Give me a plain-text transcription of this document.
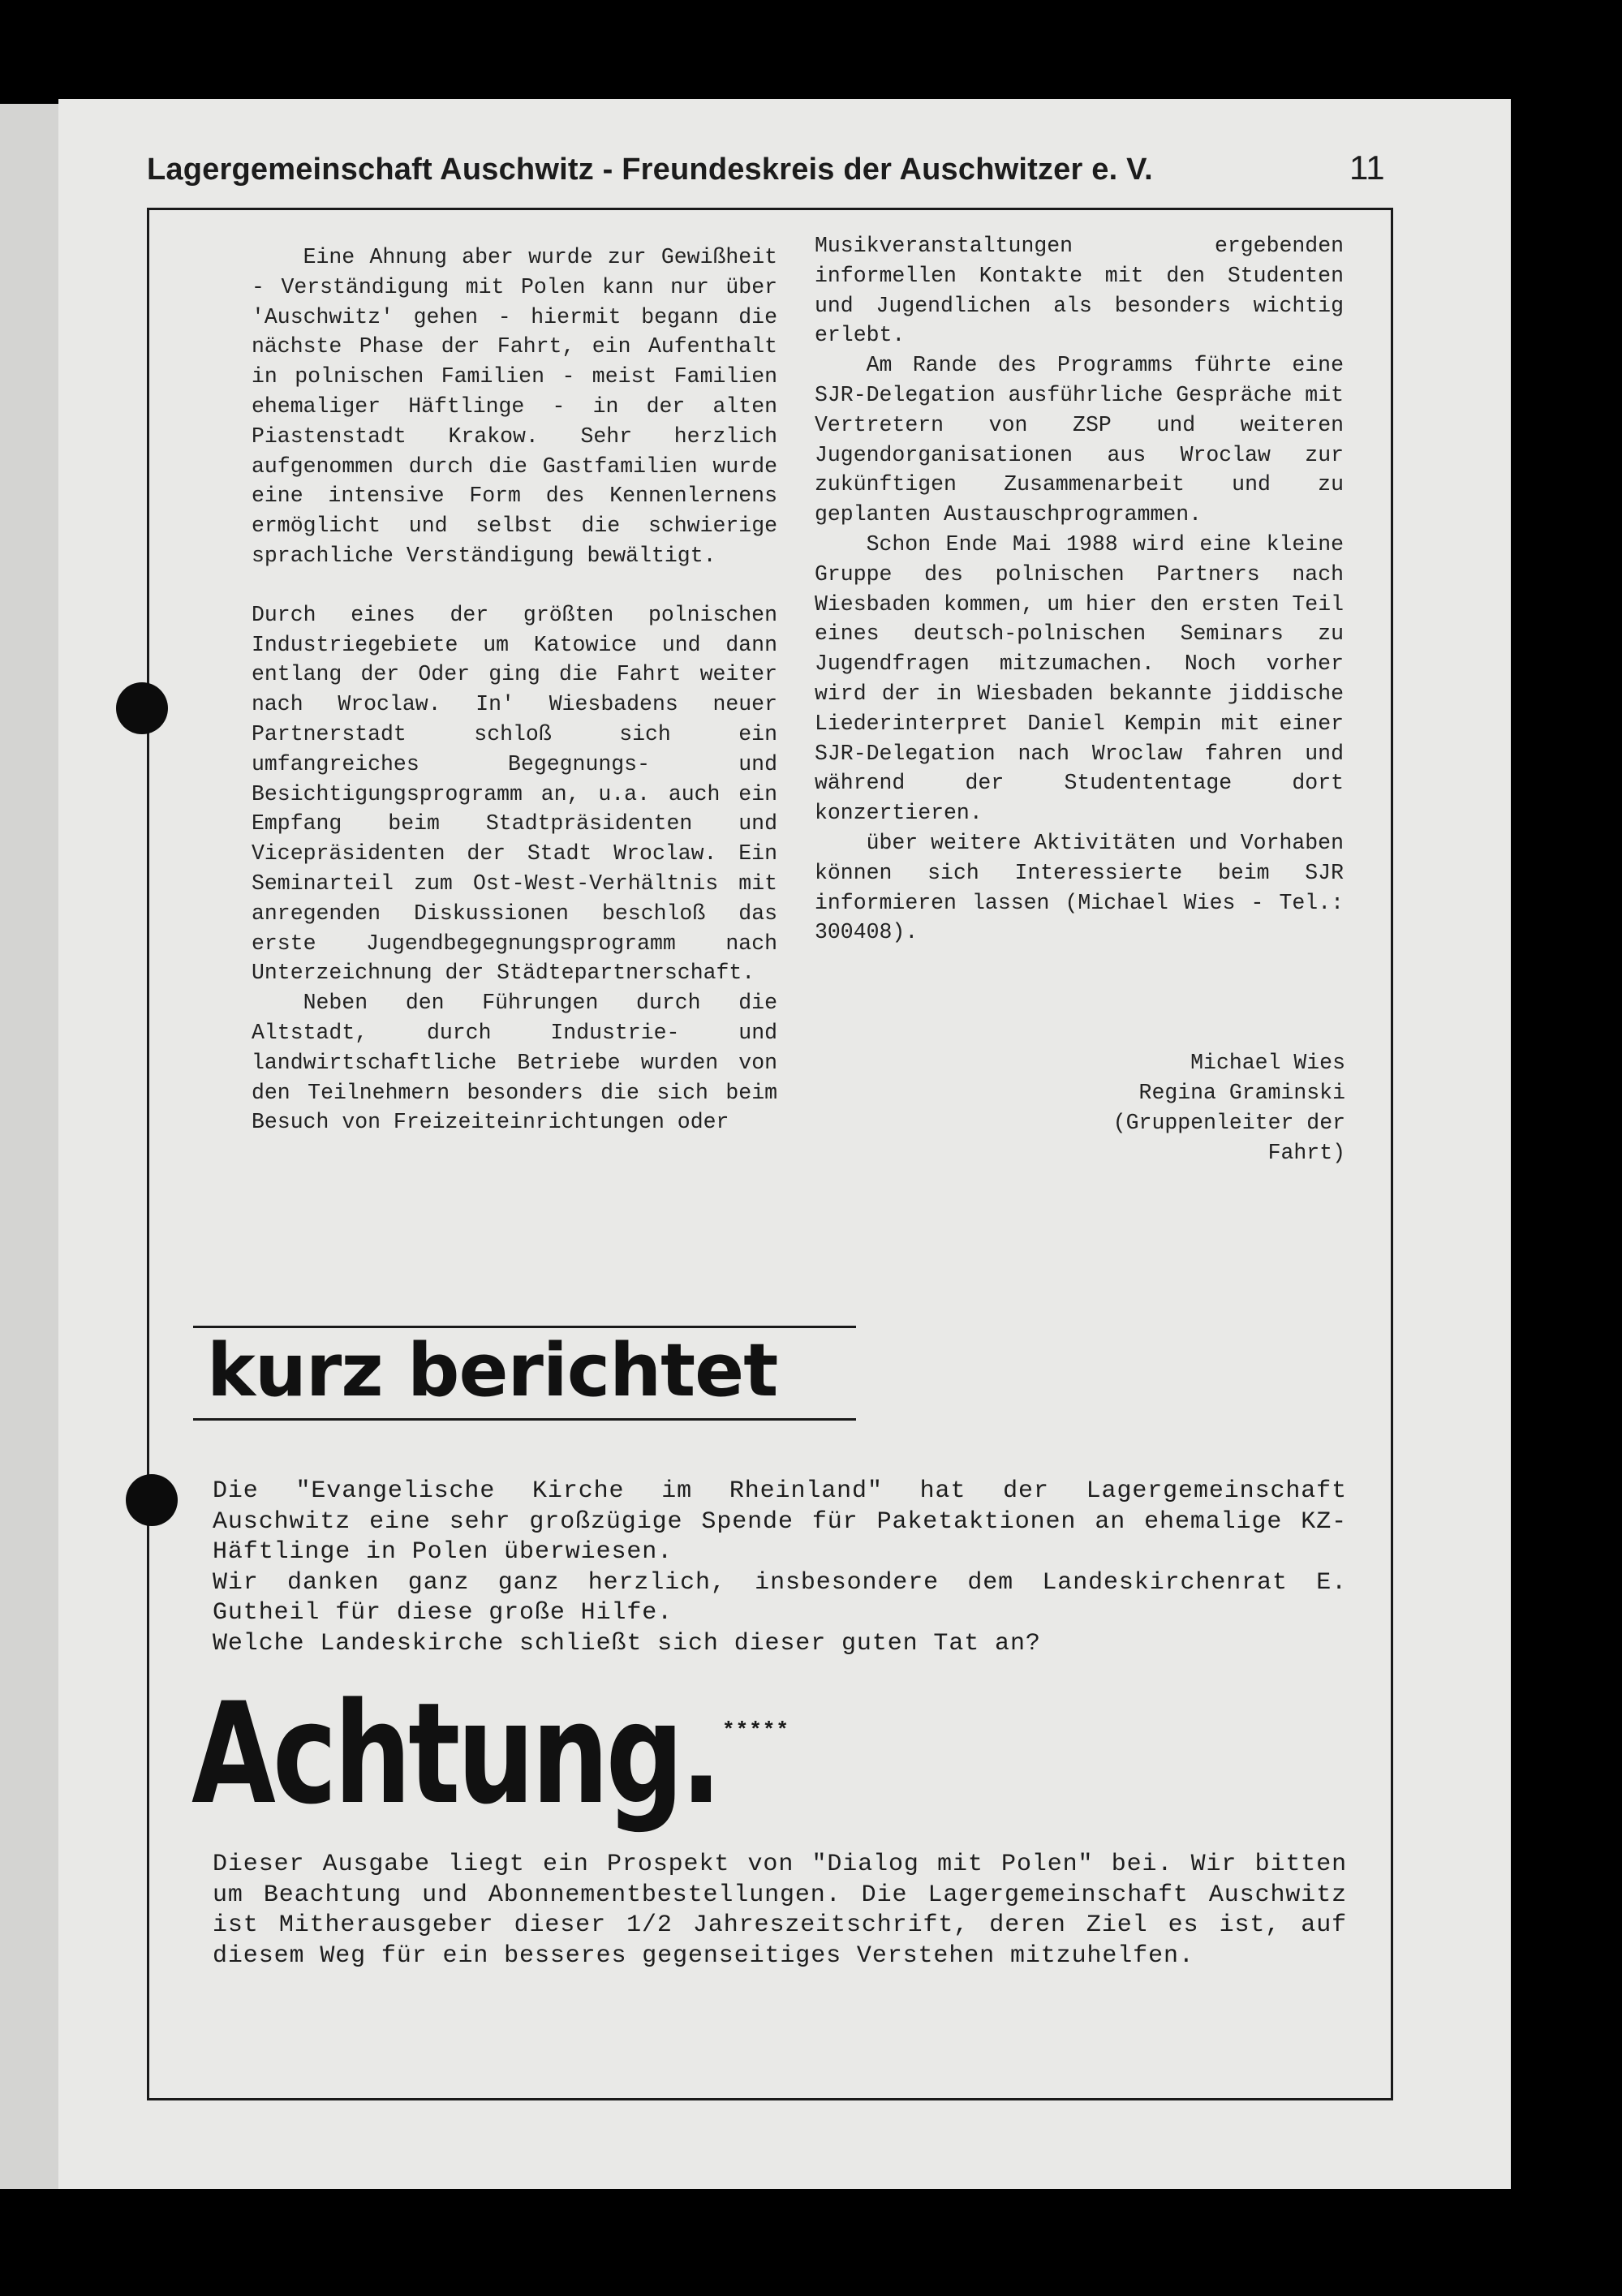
Lagergemeinschaft Auschwitz - Freundeskreis der Auschwitzer e. V.	11

Eine Ahnung aber wurde zur Gewißheit - Verständigung mit Polen kann nur über 'Auschwitz' gehen - hiermit begann die nächste Phase der Fahrt, ein Aufenthalt in polnischen Familien - meist Familien ehemaliger Häftlinge - in der alten Piastenstadt Krakow. Sehr herzlich aufgenommen durch die Gastfamilien wurde eine intensive Form des Kennenlernens ermöglicht und selbst die schwierige sprachliche Verständigung bewältigt.

Durch eines der größten polnischen Industriegebiete um Katowice und dann entlang der Oder ging die Fahrt weiter nach Wroclaw. In' Wiesbadens neuer Partnerstadt schloß sich ein umfangreiches Begegnungs- und Besichtigungsprogramm an, u.a. auch ein Empfang beim Stadtpräsidenten und Vicepräsidenten der Stadt Wroclaw. Ein Seminarteil zum Ost-West-Verhältnis mit anregenden Diskussionen beschloß das erste Jugendbegegnungsprogramm nach Unterzeichnung der Städtepartnerschaft.

Neben den Führungen durch die Altstadt, durch Industrie- und landwirtschaftliche Betriebe wurden von den Teilnehmern besonders die sich beim Besuch von Freizeiteinrichtungen oder

Musikveranstaltungen ergebenden informellen Kontakte mit den Studenten und Jugendlichen als besonders wichtig erlebt.

Am Rande des Programms führte eine SJR-Delegation ausführliche Gespräche mit Vertretern von ZSP und weiteren Jugendorganisationen aus Wroclaw zur zukünftigen Zusammenarbeit und zu geplanten Austauschprogrammen.

Schon Ende Mai 1988 wird eine kleine Gruppe des polnischen Partners nach Wiesbaden kommen, um hier den ersten Teil eines deutsch-polnischen Seminars zu Jugendfragen mitzumachen. Noch vorher wird der in Wiesbaden bekannte jiddische Liederinterpret Daniel Kempin mit einer SJR-Delegation nach Wroclaw fahren und während der Studententage dort konzertieren.

über weitere Aktivitäten und Vorhaben können sich Interessierte beim SJR informieren lassen (Michael Wies - Tel.: 300408).

Michael Wies
Regina Graminski
(Gruppenleiter der Fahrt)
kurz berichtet

Die "Evangelische Kirche im Rheinland" hat der Lagergemeinschaft Auschwitz eine sehr großzügige Spende für Paketaktionen an ehemalige KZ-Häftlinge in Polen überwiesen.

Wir danken ganz ganz herzlich, insbesondere dem Landeskirchenrat E. Gutheil für diese große Hilfe.

Welche Landeskirche schließt sich dieser guten Tat an?

Achtung. *****

Dieser Ausgabe liegt ein Prospekt von "Dialog mit Polen" bei. Wir bitten um Beachtung und Abonnementbestellungen. Die Lagergemeinschaft Auschwitz ist Mitherausgeber dieser 1/2 Jahreszeitschrift, deren Ziel es ist, auf diesem Weg für ein besseres gegenseitiges Verstehen mitzuhelfen.
